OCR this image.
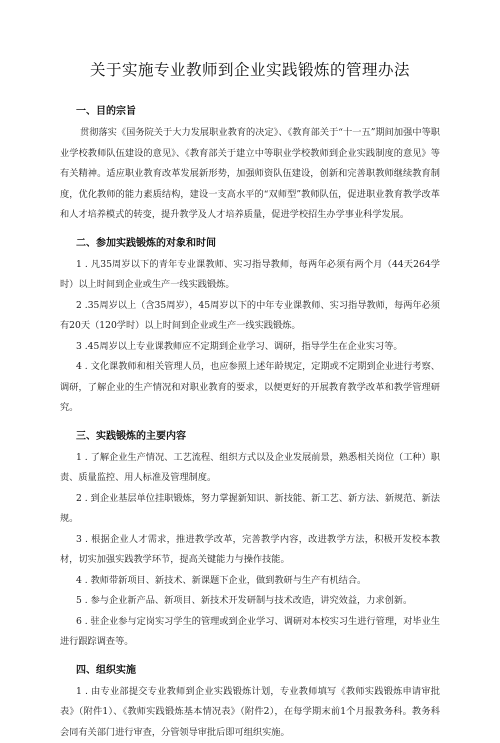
关于实施专业教师到企业实践锻炼的管理办法
一、目的宗旨

贯彻落实《国务院关于大力发展职业教育的决定》、《教育部关于“十一五”期间加强中等职业学校教师队伍建设的意见》、《教育部关于建立中等职业学校教师到企业实践制度的意见》等有关精神。适应职业教育改革发展新形势，加强师资队伍建设，创新和完善职教师继续教育制度，优化教师的能力素质结构，建设一支高水平的“双师型”教师队伍，促进职业教育教学改革和人才培养模式的转变，提升教学及人才培养质量，促进学校招生办学事业科学发展。

二、参加实践锻炼的对象和时间

1 . 凡35周岁以下的青年专业课教师、实习指导教师，每两年必须有两个月（44天264学时）以上时间到企业或生产一线实践锻炼。

2 .35周岁以上（含35周岁），45周岁以下的中年专业课教师、实习指导教师，每两年必须有20天（120学时）以上时间到企业或生产一线实践锻炼。

3 .45周岁以上专业课教师应不定期到企业学习、调研，指导学生在企业实习等。

4 . 文化课教师和相关管理人员，也应参照上述年龄规定，定期或不定期到企业进行考察、调研，了解企业的生产情况和对职业教育的要求，以便更好的开展教育教学改革和教学管理研究。

三、实践锻炼的主要内容

1 . 了解企业生产情况、工艺流程、组织方式以及企业发展前景，熟悉相关岗位（工种）职责、质量监控、用人标准及管理制度。

2 . 到企业基层单位挂职锻炼，努力掌握新知识、新技能、新工艺、新方法、新规范、新法规。

3 . 根据企业人才需求，推进教学改革，完善教学内容，改进教学方法，积极开发校本教材，切实加强实践教学环节，提高关键能力与操作技能。

4 . 教师带新项目、新技术、新课题下企业，做到教研与生产有机结合。

5 . 参与企业新产品、新项目、新技术开发研制与技术改造，讲究效益，力求创新。

6 . 驻企业参与定岗实习学生的管理或到企业学习、调研对本校实习生进行管理，对毕业生进行跟踪调查等。

四、组织实施

1 . 由专业部提交专业教师到企业实践锻炼计划，专业教师填写《教师实践锻炼申请审批表》（附件1）、《教师实践锻炼基本情况表》（附件2），在每学期末前1个月报教务科。教务科会同有关部门进行审查，分管领导审批后即可组织实施。
